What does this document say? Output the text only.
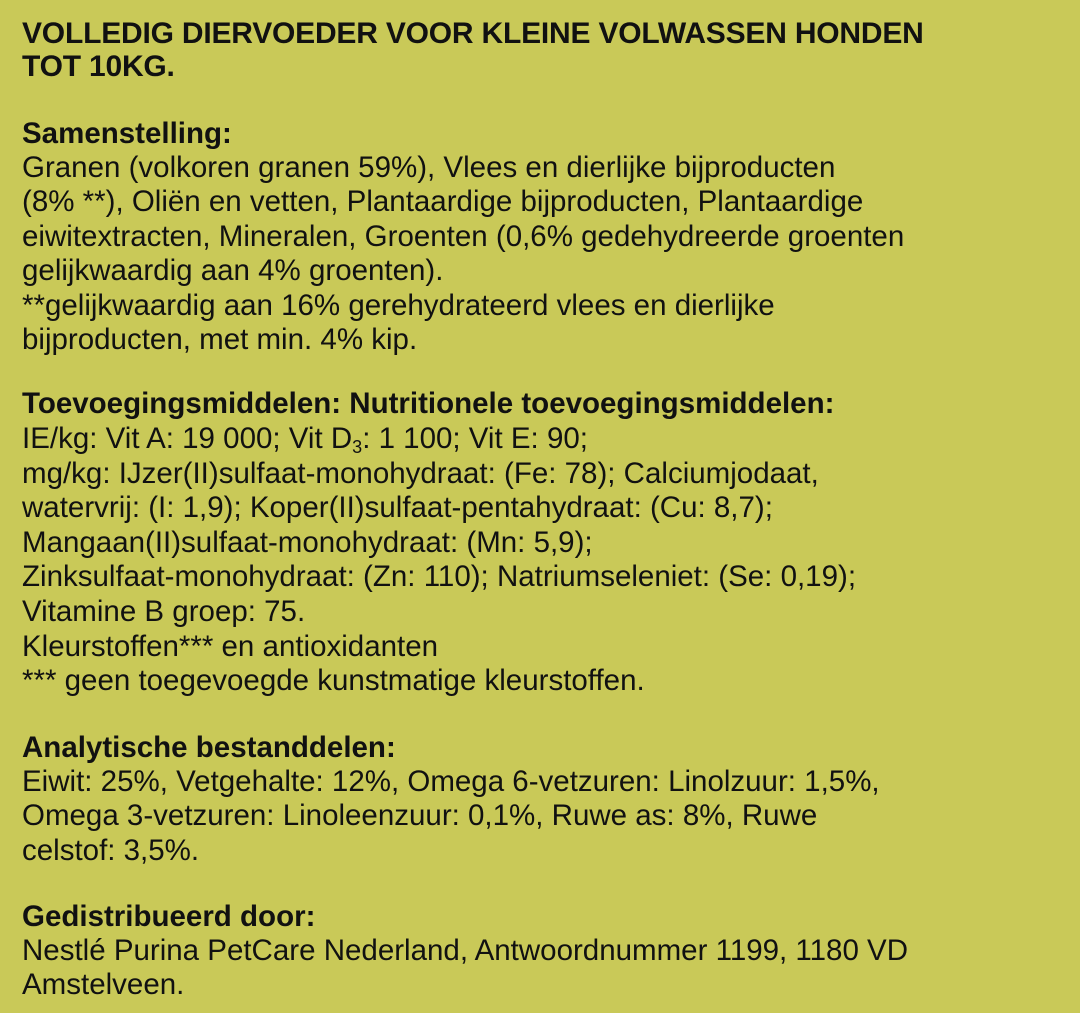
VOLLEDIG DIERVOEDER VOOR KLEINE VOLWASSEN HONDEN

TOT 10KG.

Samenstelling:

Granen (volkoren granen 59%), Vlees en dierlijke bijproducten

(8% **), Oliën en vetten, Plantaardige bijproducten, Plantaardige

eiwitextracten, Mineralen, Groenten (0,6% gedehydreerde groenten

gelijkwaardig aan 4% groenten).

**gelijkwaardig aan 16% gerehydrateerd vlees en dierlijke

bijproducten, met min. 4% kip.

Toevoegingsmiddelen: Nutritionele toevoegingsmiddelen:

IE/kg: Vit A: 19 000; Vit $D_3$: 1 100; Vit E: 90;

mg/kg: IJzer(II)sulfaat-monohydraat: (Fe: 78); Calciumjodaat,

watervrij: (I: 1,9); Koper(II)sulfaat-pentahydraat: (Cu: 8,7);

Mangaan(II)sulfaat-monohydraat: (Mn: 5,9);

Zinksulfaat-monohydraat: (Zn: 110); Natriumseleniet: (Se: 0,19);

Vitamine B groep: 75.

Kleurstoffen*** en antioxidanten

*** geen toegevoegde kunstmatige kleurstoffen.

Analytische bestanddelen:

Eiwit: 25%, Vetgehalte: 12%, Omega 6-vetzuren: Linolzuur: 1,5%,

Omega 3-vetzuren: Linoleenzuur: 0,1%, Ruwe as: 8%, Ruwe

celstof: 3,5%.

Gedistribueerd door:

Nestlé Purina PetCare Nederland, Antwoordnummer 1199, 1180 VD

Amstelveen.
